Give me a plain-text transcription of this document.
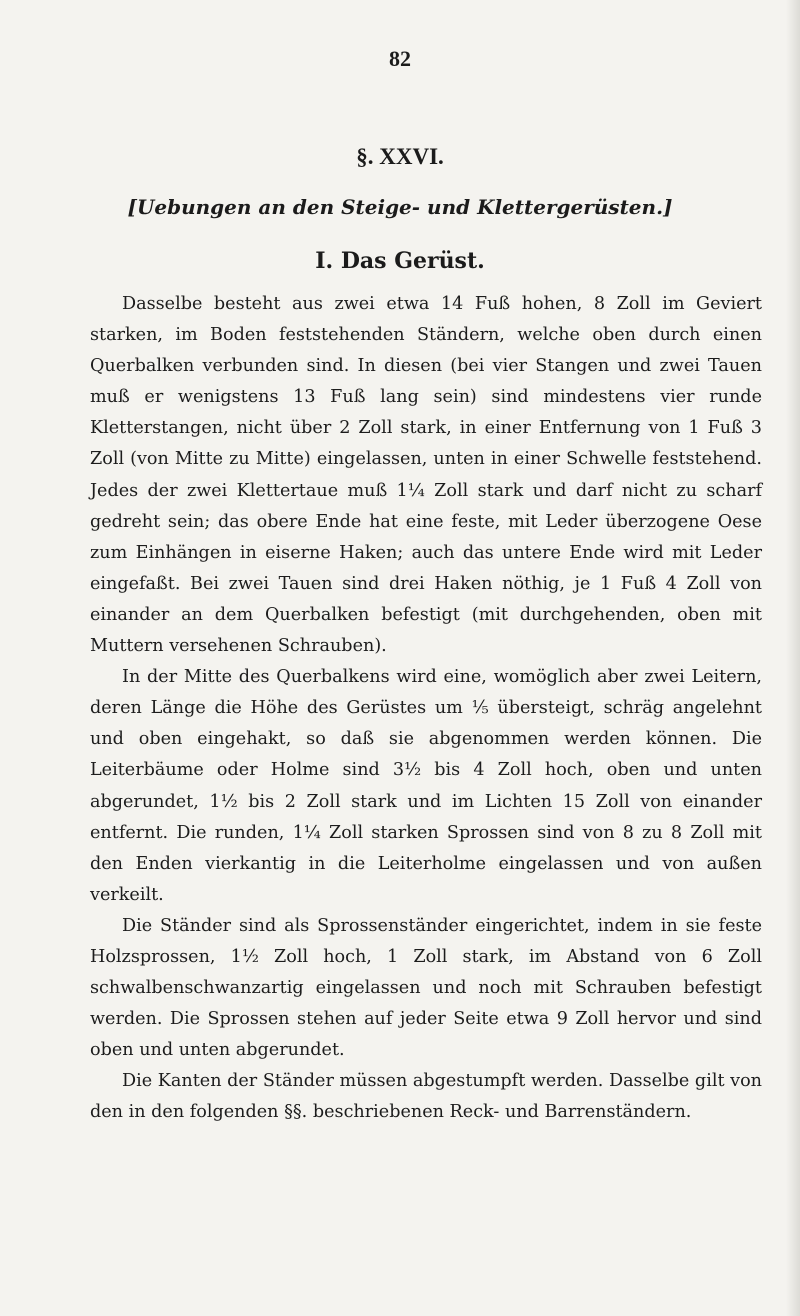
82
§. XXVI.
[Uebungen an den Steige- und Klettergerüsten.]
I. Das Gerüst.

Dasselbe besteht aus zwei etwa 14 Fuß hohen, 8 Zoll im Geviert starken, im Boden feststehenden Ständern, welche oben durch einen Querbalken verbunden sind. In diesen (bei vier Stangen und zwei Tauen muß er wenigstens 13 Fuß lang sein) sind mindestens vier runde Kletterstangen, nicht über 2 Zoll stark, in einer Entfernung von 1 Fuß 3 Zoll (von Mitte zu Mitte) eingelassen, unten in einer Schwelle feststehend. Jedes der zwei Klettertaue muß 1¼ Zoll stark und darf nicht zu scharf gedreht sein; das obere Ende hat eine feste, mit Leder überzogene Oese zum Einhängen in eiserne Haken; auch das untere Ende wird mit Leder eingefaßt. Bei zwei Tauen sind drei Haken nöthig, je 1 Fuß 4 Zoll von einander an dem Querbalken befestigt (mit durchgehenden, oben mit Muttern versehenen Schrauben).

In der Mitte des Querbalkens wird eine, womöglich aber zwei Leitern, deren Länge die Höhe des Gerüstes um ⅕ übersteigt, schräg angelehnt und oben eingehakt, so daß sie abgenommen werden können. Die Leiterbäume oder Holme sind 3½ bis 4 Zoll hoch, oben und unten abgerundet, 1½ bis 2 Zoll stark und im Lichten 15 Zoll von einander entfernt. Die runden, 1¼ Zoll starken Sprossen sind von 8 zu 8 Zoll mit den Enden vierkantig in die Leiterholme eingelassen und von außen verkeilt.

Die Ständer sind als Sprossenständer eingerichtet, indem in sie feste Holzsprossen, 1½ Zoll hoch, 1 Zoll stark, im Abstand von 6 Zoll schwalbenschwanzartig eingelassen und noch mit Schrauben befestigt werden. Die Sprossen stehen auf jeder Seite etwa 9 Zoll hervor und sind oben und unten abgerundet.

Die Kanten der Ständer müssen abgestumpft werden. Dasselbe gilt von den in den folgenden §§. beschriebenen Reck- und Barrenständern.
